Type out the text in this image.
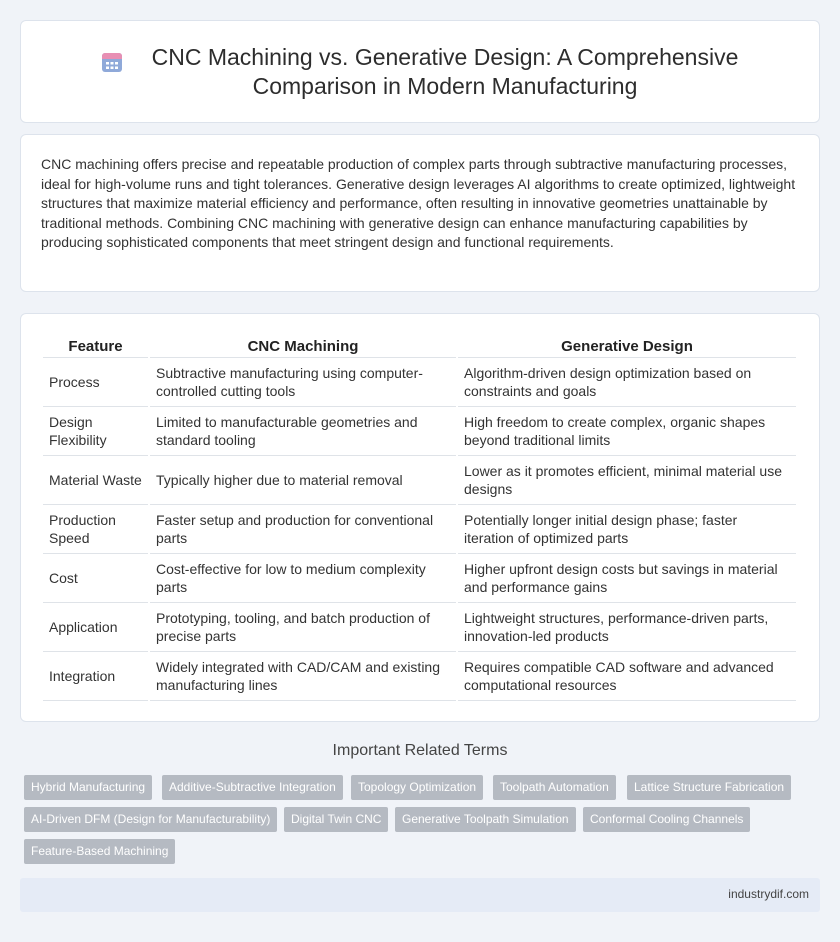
CNC Machining vs. Generative Design: A Comprehensive Comparison in Modern Manufacturing

CNC machining offers precise and repeatable production of complex parts through subtractive manufacturing processes, ideal for high-volume runs and tight tolerances. Generative design leverages AI algorithms to create optimized, lightweight structures that maximize material efficiency and performance, often resulting in innovative geometries unattainable by traditional methods. Combining CNC machining with generative design can enhance manufacturing capabilities by producing sophisticated components that meet stringent design and functional requirements.

Feature	CNC Machining	Generative Design
Process	Subtractive manufacturing using computer-controlled cutting tools	Algorithm-driven design optimization based on constraints and goals
Design Flexibility	Limited to manufacturable geometries and standard tooling	High freedom to create complex, organic shapes beyond traditional limits
Material Waste	Typically higher due to material removal	Lower as it promotes efficient, minimal material use designs
Production Speed	Faster setup and production for conventional parts	Potentially longer initial design phase; faster iteration of optimized parts
Cost	Cost-effective for low to medium complexity parts	Higher upfront design costs but savings in material and performance gains
Application	Prototyping, tooling, and batch production of precise parts	Lightweight structures, performance-driven parts, innovation-led products
Integration	Widely integrated with CAD/CAM and existing manufacturing lines	Requires compatible CAD software and advanced computational resources
Important Related Terms
Hybrid Manufacturing	Additive-Subtractive Integration	Topology Optimization	Toolpath Automation	Lattice Structure Fabrication
AI-Driven DFM (Design for Manufacturability)	Digital Twin CNC	Generative Toolpath Simulation	Conformal Cooling Channels
Feature-Based Machining
industrydif.com
